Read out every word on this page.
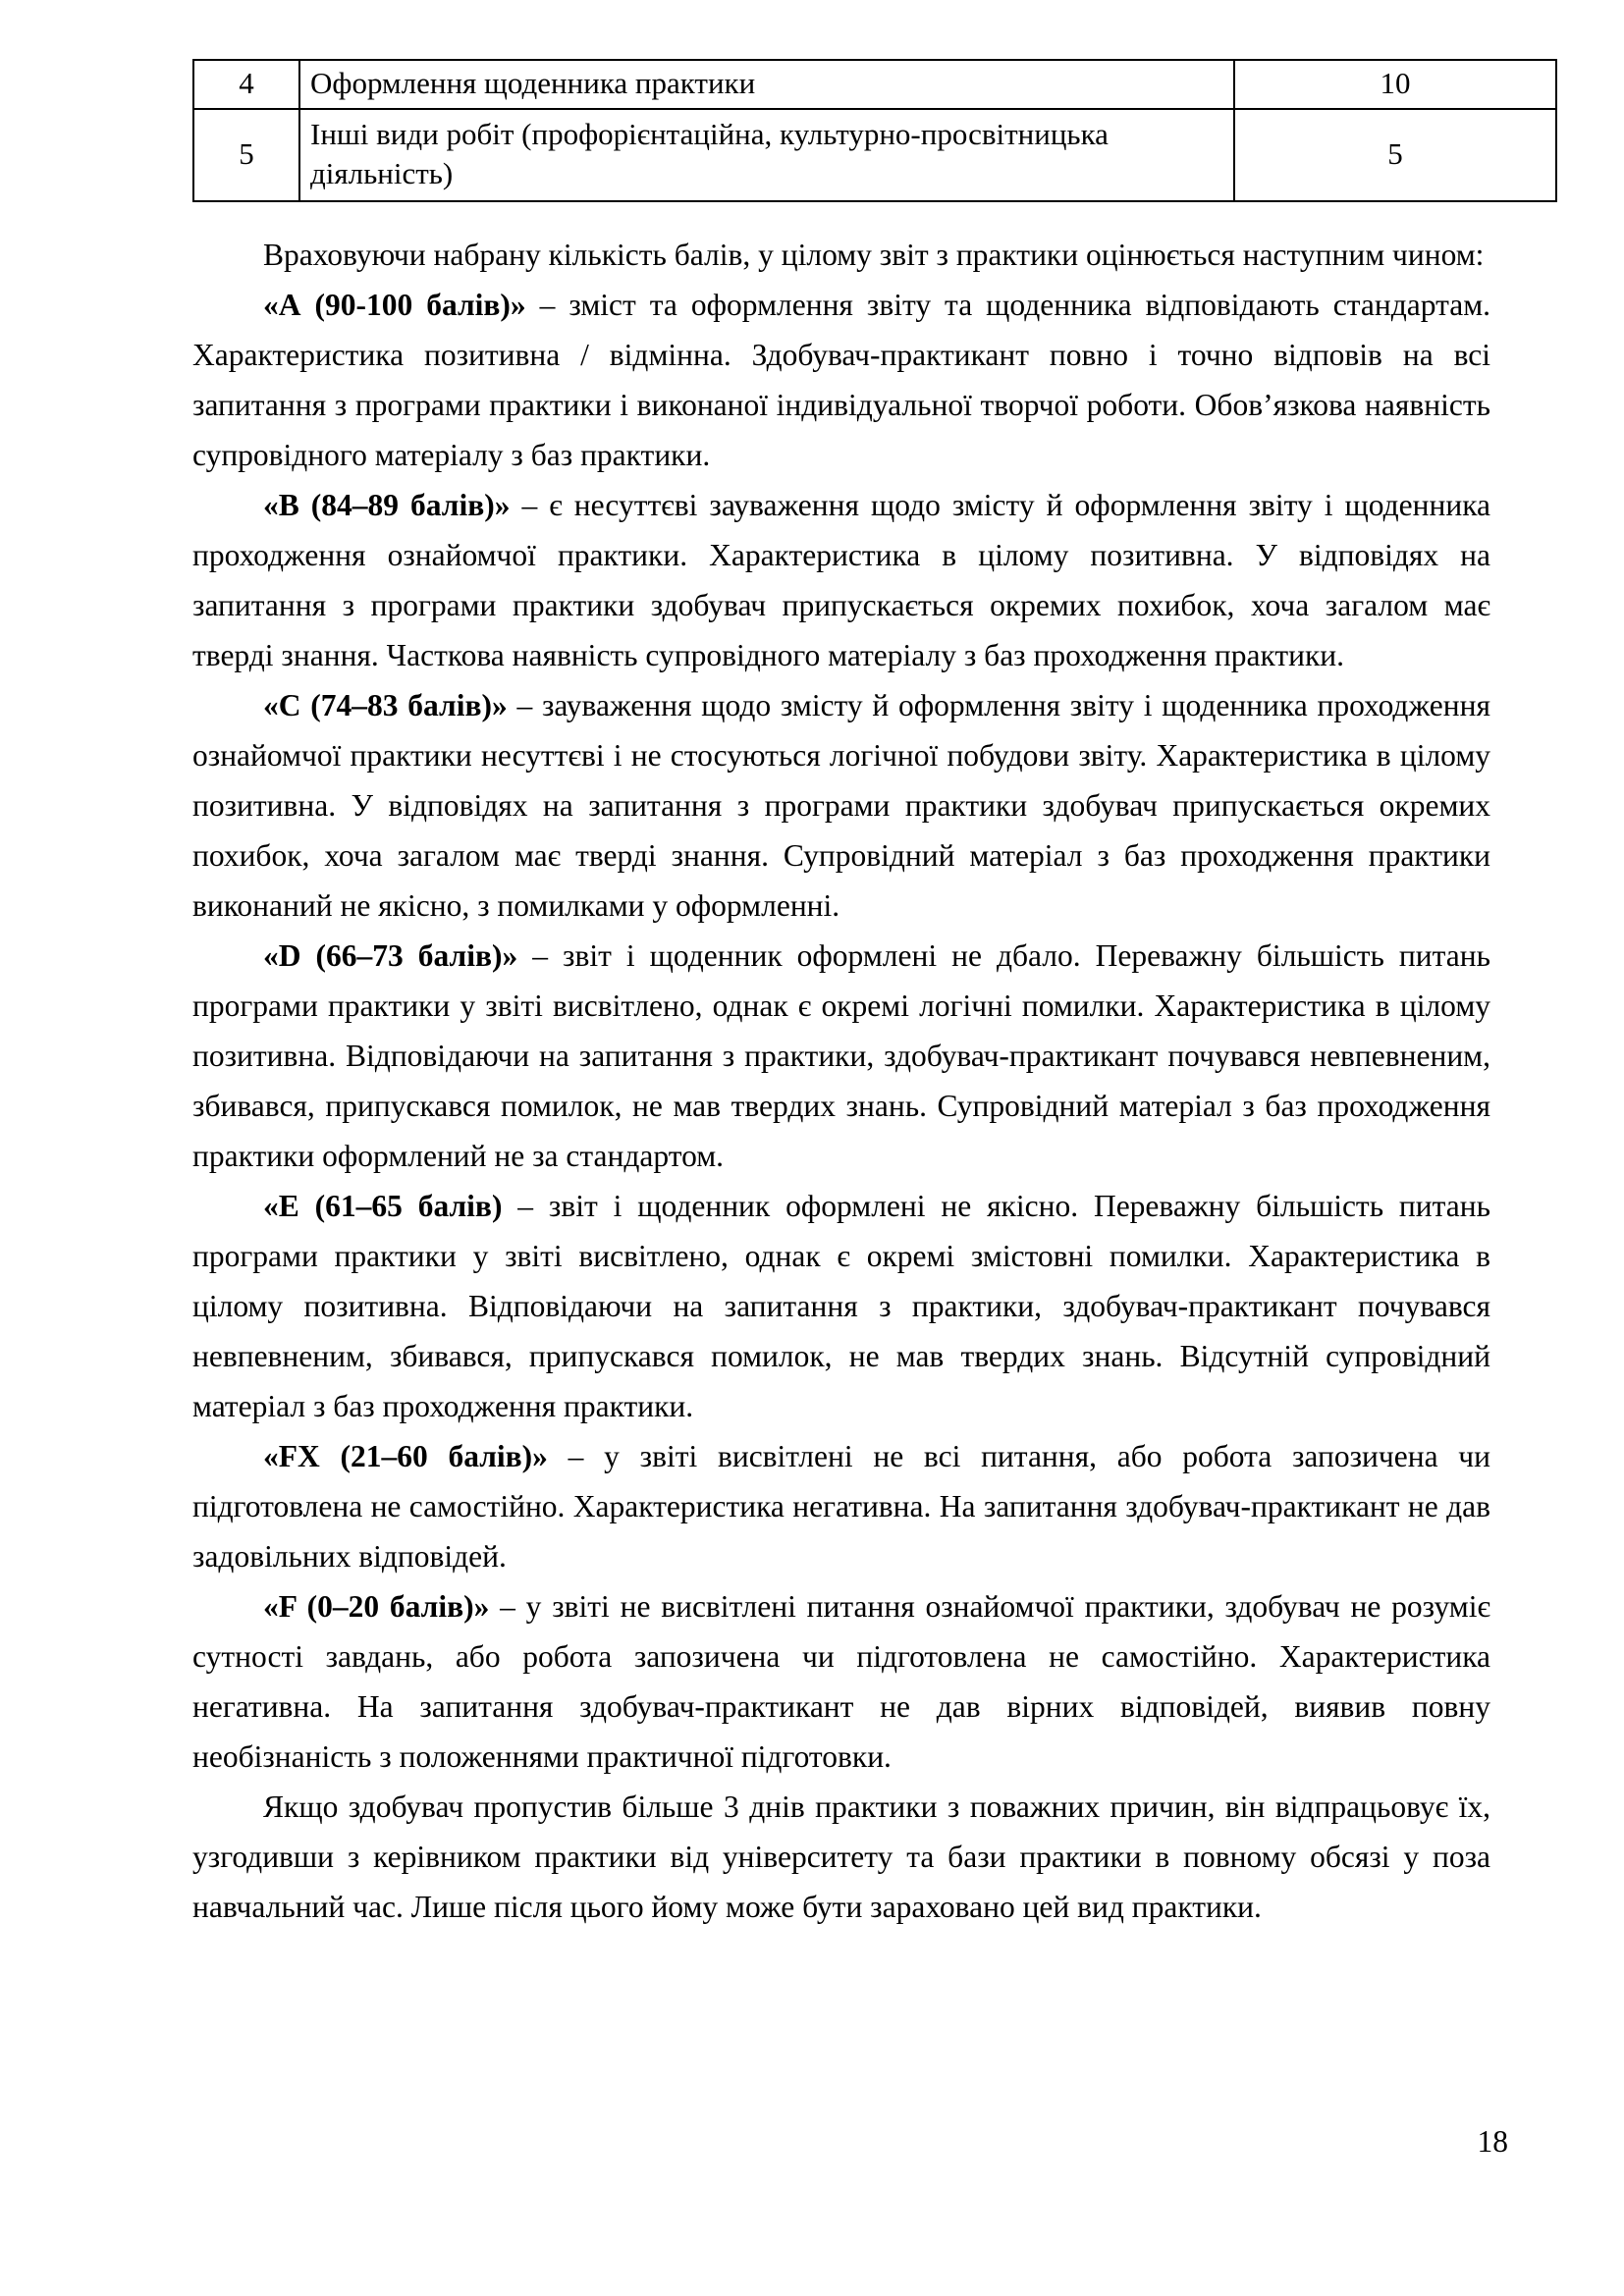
4	Оформлення щоденника практики	10
5	Інші види робіт (профорієнтаційна, культурно-просвітницька діяльність)	5

Враховуючи набрану кількість балів, у цілому звіт з практики оцінюється наступним чином:

«А (90-100 балів)» – зміст та оформлення звіту та щоденника відповідають стандартам. Характеристика позитивна / відмінна. Здобувач-практикант повно і точно відповів на всі запитання з програми практики і виконаної індивідуальної творчої роботи. Обов’язкова наявність супровідного матеріалу з баз практики.

«В (84–89 балів)» – є несуттєві зауваження щодо змісту й оформлення звіту і щоденника проходження ознайомчої практики. Характеристика в цілому позитивна. У відповідях на запитання з програми практики здобувач припускається окремих похибок, хоча загалом має тверді знання. Часткова наявність супровідного матеріалу з баз проходження практики.

«С (74–83 балів)» – зауваження щодо змісту й оформлення звіту і щоденника проходження ознайомчої практики несуттєві і не стосуються логічної побудови звіту. Характеристика в цілому позитивна. У відповідях на запитання з програми практики здобувач припускається окремих похибок, хоча загалом має тверді знання. Супровідний матеріал з баз проходження практики виконаний не якісно, з помилками у оформленні.

«D (66–73 балів)» – звіт і щоденник оформлені не дбало. Переважну більшість питань програми практики у звіті висвітлено, однак є окремі логічні помилки. Характеристика в цілому позитивна. Відповідаючи на запитання з практики, здобувач-практикант почувався невпевненим, збивався, припускався помилок, не мав твердих знань. Супровідний матеріал з баз проходження практики оформлений не за стандартом.

«Е (61–65 балів) – звіт і щоденник оформлені не якісно. Переважну більшість питань програми практики у звіті висвітлено, однак є окремі змістовні помилки. Характеристика в цілому позитивна. Відповідаючи на запитання з практики, здобувач-практикант почувався невпевненим, збивався, припускався помилок, не мав твердих знань. Відсутній супровідний матеріал з баз проходження практики.

«FX (21–60 балів)» – у звіті висвітлені не всі питання, або робота запозичена чи підготовлена не самостійно. Характеристика негативна. На запитання здобувач-практикант не дав задовільних відповідей.

«F (0–20 балів)» – у звіті не висвітлені питання ознайомчої практики, здобувач не розуміє сутності завдань, або робота запозичена чи підготовлена не самостійно. Характеристика негативна. На запитання здобувач-практикант не дав вірних відповідей, виявив повну необізнаність з положеннями практичної підготовки.

Якщо здобувач пропустив більше 3 днів практики з поважних причин, він відпрацьовує їх, узгодивши з керівником практики від університету та бази практики в повному обсязі у поза навчальний час. Лише після цього йому може бути зараховано цей вид практики.

18
